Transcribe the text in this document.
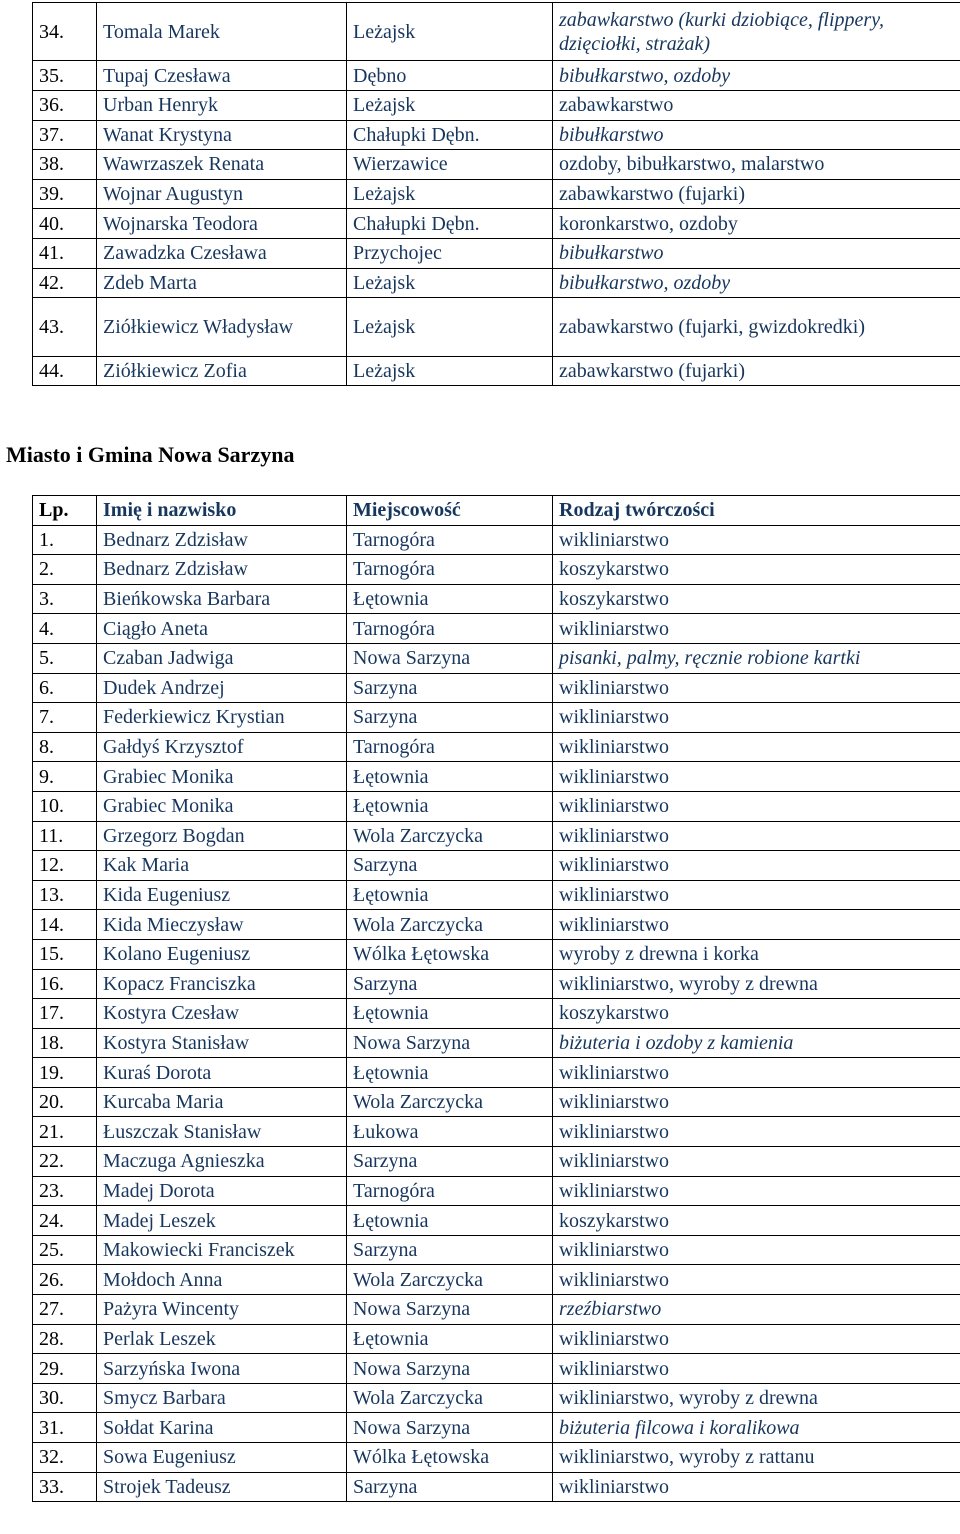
34.	Tomala Marek	Leżajsk	zabawkarstwo (kurki dziobiące, flippery, dzięciołki, strażak)
35.	Tupaj Czesława	Dębno	bibułkarstwo, ozdoby
36.	Urban Henryk	Leżajsk	zabawkarstwo
37.	Wanat Krystyna	Chałupki Dębn.	bibułkarstwo
38.	Wawrzaszek Renata	Wierzawice	ozdoby, bibułkarstwo, malarstwo
39.	Wojnar Augustyn	Leżajsk	zabawkarstwo (fujarki)
40.	Wojnarska Teodora	Chałupki Dębn.	koronkarstwo, ozdoby
41.	Zawadzka Czesława	Przychojec	bibułkarstwo
42.	Zdeb Marta	Leżajsk	bibułkarstwo, ozdoby
43.	Ziółkiewicz Władysław	Leżajsk	zabawkarstwo (fujarki, gwizdokredki)
44.	Ziółkiewicz Zofia	Leżajsk	zabawkarstwo (fujarki)
Miasto i Gmina Nowa Sarzyna
Lp.	Imię i nazwisko	Miejscowość	Rodzaj twórczości
1.	Bednarz Zdzisław	Tarnogóra	wikliniarstwo
2.	Bednarz Zdzisław	Tarnogóra	koszykarstwo
3.	Bieńkowska Barbara	Łętownia	koszykarstwo
4.	Ciągło Aneta	Tarnogóra	wikliniarstwo
5.	Czaban Jadwiga	Nowa Sarzyna	pisanki, palmy, ręcznie robione kartki
6.	Dudek Andrzej	Sarzyna	wikliniarstwo
7.	Federkiewicz Krystian	Sarzyna	wikliniarstwo
8.	Gałdyś Krzysztof	Tarnogóra	wikliniarstwo
9.	Grabiec Monika	Łętownia	wikliniarstwo
10.	Grabiec Monika	Łętownia	wikliniarstwo
11.	Grzegorz Bogdan	Wola Zarczycka	wikliniarstwo
12.	Kak Maria	Sarzyna	wikliniarstwo
13.	Kida Eugeniusz	Łętownia	wikliniarstwo
14.	Kida Mieczysław	Wola Zarczycka	wikliniarstwo
15.	Kolano Eugeniusz	Wólka Łętowska	wyroby z drewna i korka
16.	Kopacz Franciszka	Sarzyna	wikliniarstwo, wyroby z drewna
17.	Kostyra Czesław	Łętownia	koszykarstwo
18.	Kostyra Stanisław	Nowa Sarzyna	biżuteria i ozdoby z kamienia
19.	Kuraś Dorota	Łętownia	wikliniarstwo
20.	Kurcaba Maria	Wola Zarczycka	wikliniarstwo
21.	Łuszczak Stanisław	Łukowa	wikliniarstwo
22.	Maczuga Agnieszka	Sarzyna	wikliniarstwo
23.	Madej Dorota	Tarnogóra	wikliniarstwo
24.	Madej Leszek	Łętownia	koszykarstwo
25.	Makowiecki Franciszek	Sarzyna	wikliniarstwo
26.	Mołdoch Anna	Wola Zarczycka	wikliniarstwo
27.	Pażyra Wincenty	Nowa Sarzyna	rzeźbiarstwo
28.	Perlak Leszek	Łętownia	wikliniarstwo
29.	Sarzyńska Iwona	Nowa Sarzyna	wikliniarstwo
30.	Smycz Barbara	Wola Zarczycka	wikliniarstwo, wyroby z drewna
31.	Sołdat Karina	Nowa Sarzyna	biżuteria filcowa i koralikowa
32.	Sowa Eugeniusz	Wólka Łętowska	wikliniarstwo, wyroby z rattanu
33.	Strojek Tadeusz	Sarzyna	wikliniarstwo
